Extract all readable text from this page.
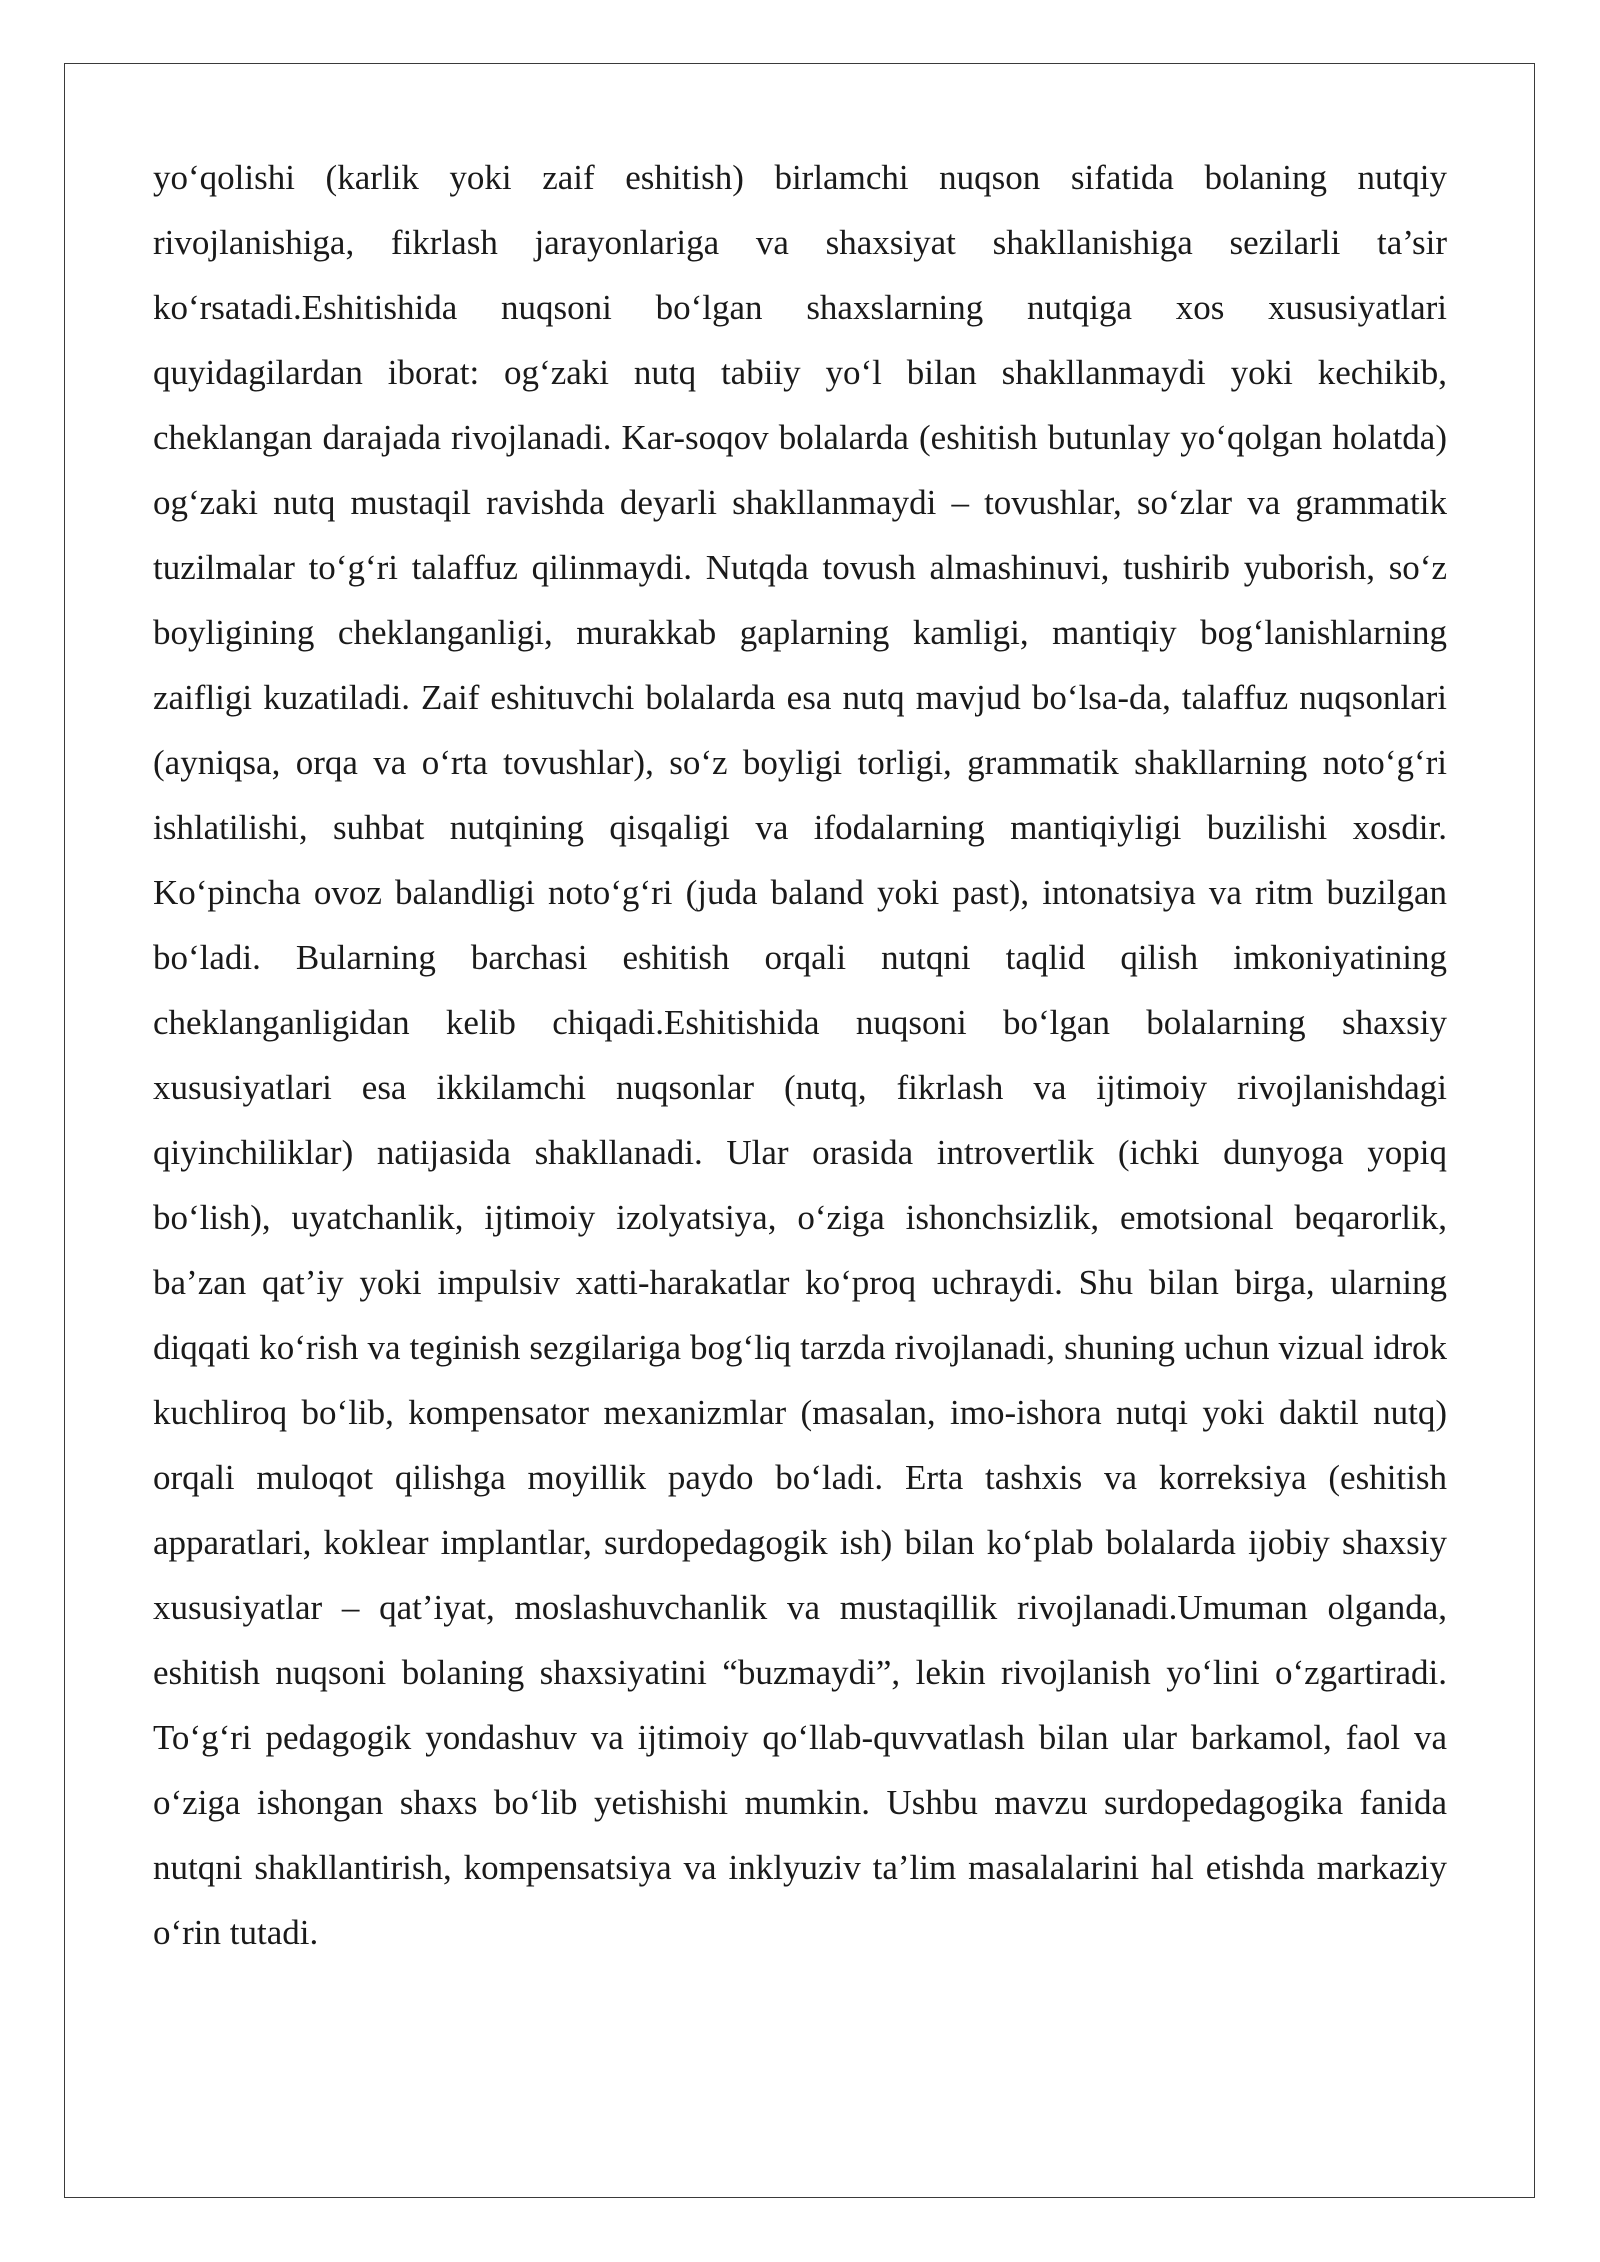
yo‘qolishi (karlik yoki zaif eshitish) birlamchi nuqson sifatida bolaning nutqiy rivojlanishiga, fikrlash jarayonlariga va shaxsiyat shakllanishiga sezilarli ta’sir ko‘rsatadi.Eshitishida nuqsoni bo‘lgan shaxslarning nutqiga xos xususiyatlari quyidagilardan iborat: og‘zaki nutq tabiiy yo‘l bilan shakllanmaydi yoki kechikib, cheklangan darajada rivojlanadi. Kar-soqov bolalarda (eshitish butunlay yo‘qolgan holatda) og‘zaki nutq mustaqil ravishda deyarli shakllanmaydi – tovushlar, so‘zlar va grammatik tuzilmalar to‘g‘ri talaffuz qilinmaydi. Nutqda tovush almashinuvi, tushirib yuborish, so‘z boyligining cheklanganligi, murakkab gaplarning kamligi, mantiqiy bog‘lanishlarning zaifligi kuzatiladi. Zaif eshituvchi bolalarda esa nutq mavjud bo‘lsa-da, talaffuz nuqsonlari (ayniqsa, orqa va o‘rta tovushlar), so‘z boyligi torligi, grammatik shakllarning noto‘g‘ri ishlatilishi, suhbat nutqining qisqaligi va ifodalarning mantiqiyligi buzilishi xosdir. Ko‘pincha ovoz balandligi noto‘g‘ri (juda baland yoki past), intonatsiya va ritm buzilgan bo‘ladi. Bularning barchasi eshitish orqali nutqni taqlid qilish imkoniyatining cheklanganligidan kelib chiqadi.Eshitishida nuqsoni bo‘lgan bolalarning shaxsiy xususiyatlari esa ikkilamchi nuqsonlar (nutq, fikrlash va ijtimoiy rivojlanishdagi qiyinchiliklar) natijasida shakllanadi. Ular orasida introvertlik (ichki dunyoga yopiq bo‘lish), uyatchanlik, ijtimoiy izolyatsiya, o‘ziga ishonchsizlik, emotsional beqarorlik, ba’zan qat’iy yoki impulsiv xatti-harakatlar ko‘proq uchraydi. Shu bilan birga, ularning diqqati ko‘rish va teginish sezgilariga bog‘liq tarzda rivojlanadi, shuning uchun vizual idrok kuchliroq bo‘lib, kompensator mexanizmlar (masalan, imo-ishora nutqi yoki daktil nutq) orqali muloqot qilishga moyillik paydo bo‘ladi. Erta tashxis va korreksiya (eshitish apparatlari, koklear implantlar, surdopedagogik ish) bilan ko‘plab bolalarda ijobiy shaxsiy xususiyatlar – qat’iyat, moslashuvchanlik va mustaqillik rivojlanadi.Umuman olganda, eshitish nuqsoni bolaning shaxsiyatini “buzmaydi”, lekin rivojlanish yo‘lini o‘zgartiradi. To‘g‘ri pedagogik yondashuv va ijtimoiy qo‘llab-quvvatlash bilan ular barkamol, faol va o‘ziga ishongan shaxs bo‘lib yetishishi mumkin. Ushbu mavzu surdopedagogika fanida nutqni shakllantirish, kompensatsiya va inklyuziv ta’lim masalalarini hal etishda markaziy o‘rin tutadi.
